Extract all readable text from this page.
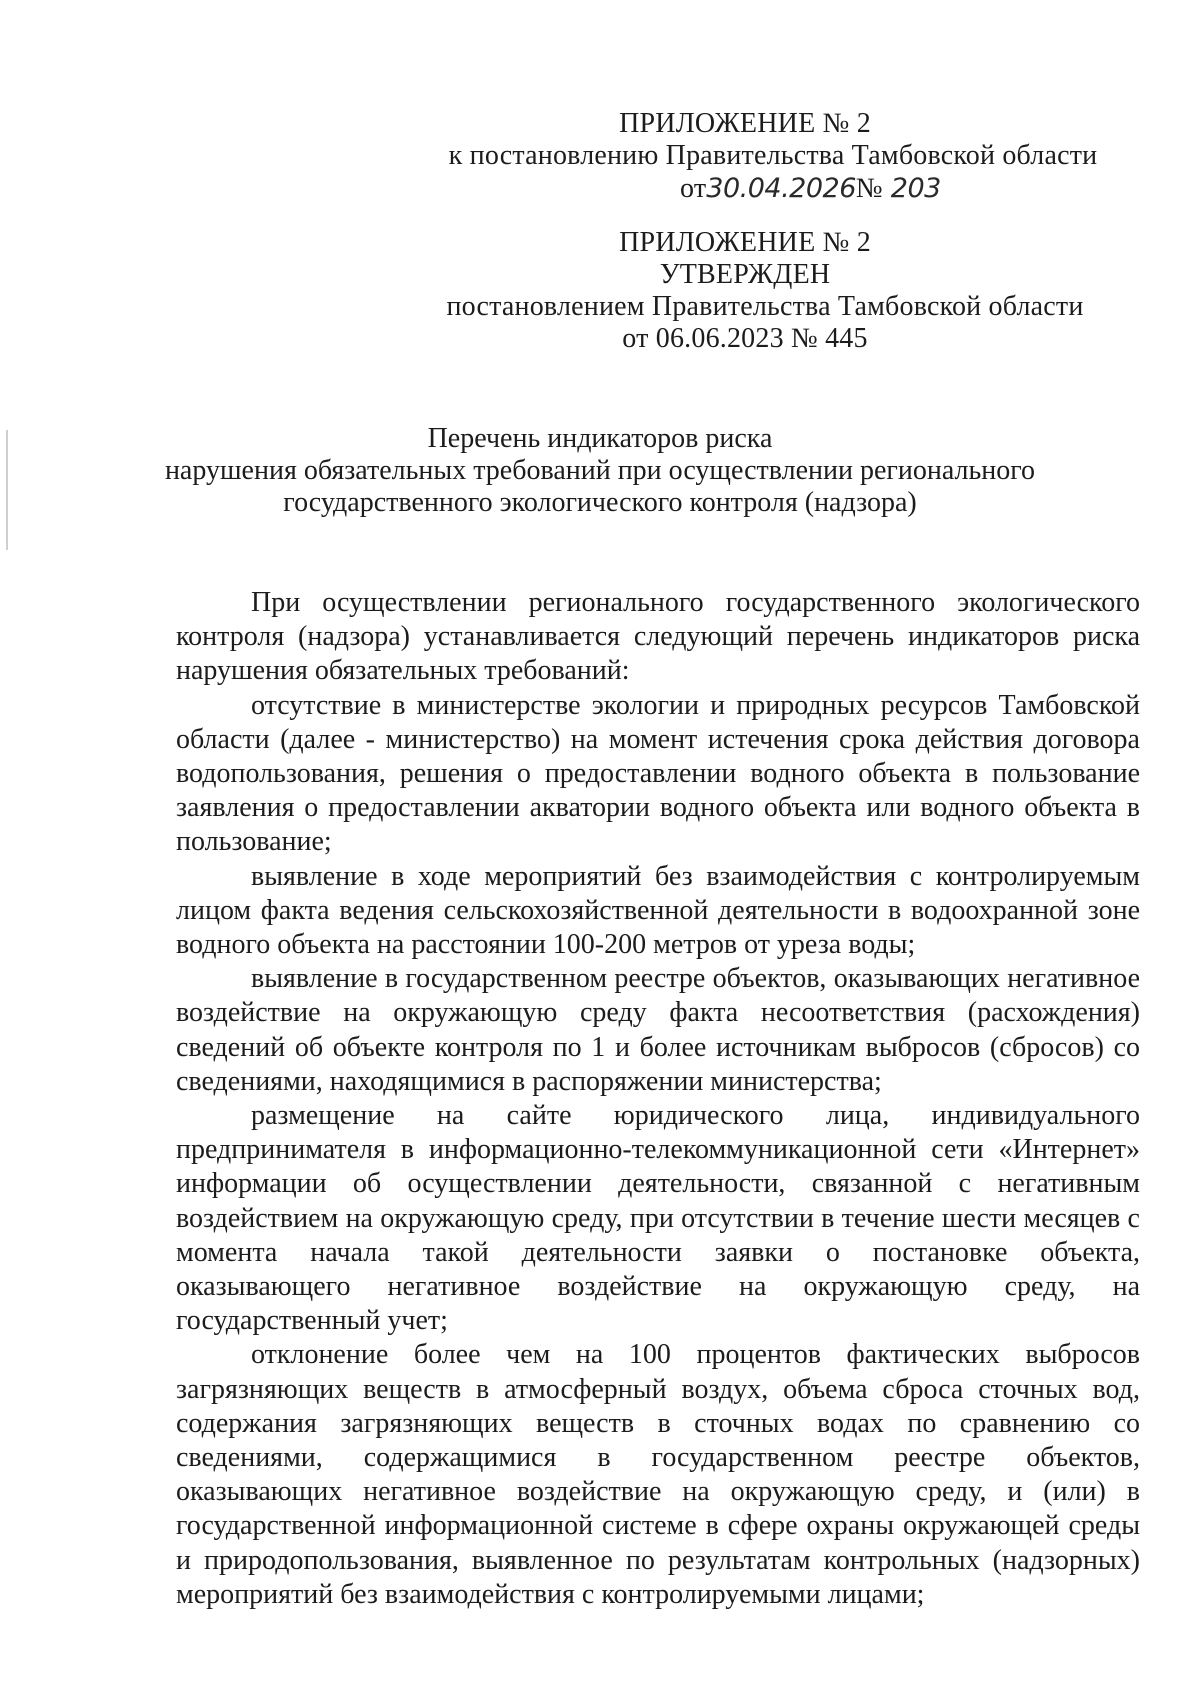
ПРИЛОЖЕНИЕ № 2
к постановлению Правительства Тамбовской области
от30.04.2026№ 203
ПРИЛОЖЕНИЕ № 2
УТВЕРЖДЕН
постановлением Правительства Тамбовской области
от 06.06.2023 № 445
Перечень индикаторов риска
нарушения обязательных требований при осуществлении регионального
государственного экологического контроля (надзора)

При осуществлении регионального государственного экологического контроля (надзора) устанавливается следующий перечень индикаторов риска нарушения обязательных требований:

отсутствие в министерстве экологии и природных ресурсов Тамбовской области (далее - министерство) на момент истечения срока действия договора водопользования, решения о предоставлении водного объекта в пользование заявления о предоставлении акватории водного объекта или водного объекта в пользование;

выявление в ходе мероприятий без взаимодействия с контролируемым лицом факта ведения сельскохозяйственной деятельности в водоохранной зоне водного объекта на расстоянии 100-200 метров от уреза воды;

выявление в государственном реестре объектов, оказывающих негативное воздействие на окружающую среду факта несоответствия (расхождения) сведений об объекте контроля по 1 и более источникам выбросов (сбросов) со сведениями, находящимися в распоряжении министерства;

размещение на сайте юридического лица, индивидуального предпринимателя в информационно-телекоммуникационной сети «Интернет» информации об осуществлении деятельности, связанной с негативным воздействием на окружающую среду, при отсутствии в течение шести месяцев с момента начала такой деятельности заявки о постановке объекта, оказывающего негативное воздействие на окружающую среду, на государственный учет;

отклонение более чем на 100 процентов фактических выбросов загрязняющих веществ в атмосферный воздух, объема сброса сточных вод, содержания загрязняющих веществ в сточных водах по сравнению со сведениями, содержащимися в государственном реестре объектов, оказывающих негативное воздействие на окружающую среду, и (или) в государственной информационной системе в сфере охраны окружающей среды и природопользования, выявленное по результатам контрольных (надзорных) мероприятий без взаимодействия с контролируемыми лицами;
